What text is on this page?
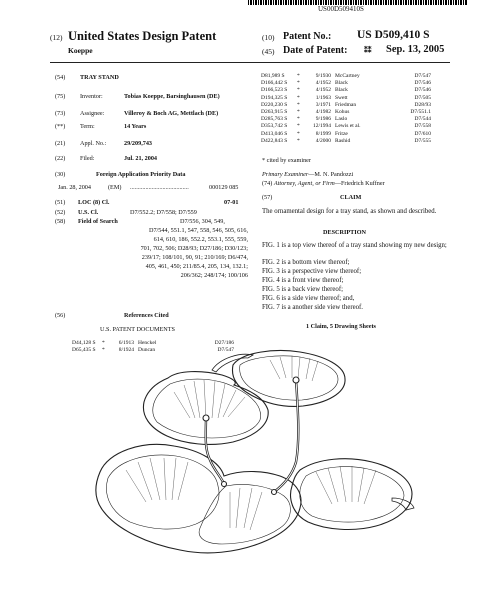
US00D509410S
(12) United States Design Patent
Koeppe
(10) Patent No.: US D509,410 S
(45) Date of Patent: ⁑⁑ Sep. 13, 2005
(54) TRAY STAND
(75) Inventor:	Tobias Koeppe, Barsinghausen (DE)
(73) Assignee:	Villeroy & Boch AG, Mettlach (DE)
(**) Term:	14 Years
(21) Appl. No.:	29/209,743
(22) Filed:	Jul. 21, 2004
(30)	Foreign Application Priority Data
Jan. 28, 2004	(EM) ......................................	000129 085
(51) LOC (8) Cl.	07-01
(52) U.S. Cl.	D7/552.2; D7/558; D7/559
(58) Field of Search	D7/556, 304, 549,
D7/544, 551.1, 547, 558, 546, 505, 616,
614, 610, 186, 552.2, 553.1, 555, 559,
701, 702, 506; D28/93; D27/186; D30/123;
239/17; 108/101, 90, 91; 210/169; D6/474,
405, 461, 450; 211/85.4, 205, 134, 132.1;
206/362; 248/174; 100/106
(56)	References Cited
U.S. PATENT DOCUMENTS
D44,128 S	*	6/1913 Henckel	D27/186
D65,435 S	*	8/1924 Duncan	D7/547
D81,989 S	*	9/1930 McCartney	D7/547
D166,442 S	*	4/1952 Black	D7/546
D166,523 S	*	4/1952 Black	D7/546
D194,325 S	*	1/1963 Swett	D7/505
D220,230 S	*	3/1971 Friedman	D28/93
D263,915 S	*	4/1982 Kohus	D7/551.1
D285,763 S	*	9/1986 Laslo	D7/544
D353,742 S	*	12/1994 Lewis et al.	D7/558
D413,046 S	*	8/1999 Fritze	D7/610
D422,843 S	*	4/2000 Rashid	D7/555
* cited by examiner
Primary Examiner—M. N. Pandozzi
(74) Attorney, Agent, or Firm—Friedrich Kuffner
(57)	CLAIM
The ornamental design for a tray stand, as shown and described.
DESCRIPTION
FIG. 1 is a top view thereof of a tray stand showing my new design;
FIG. 2 is a bottom view thereof;
FIG. 3 is a perspective view thereof;
FIG. 4 is a front view thereof;
FIG. 5 is a back view thereof;
FIG. 6 is a side view thereof; and,
FIG. 7 is a another side view thereof.
1 Claim, 5 Drawing Sheets
